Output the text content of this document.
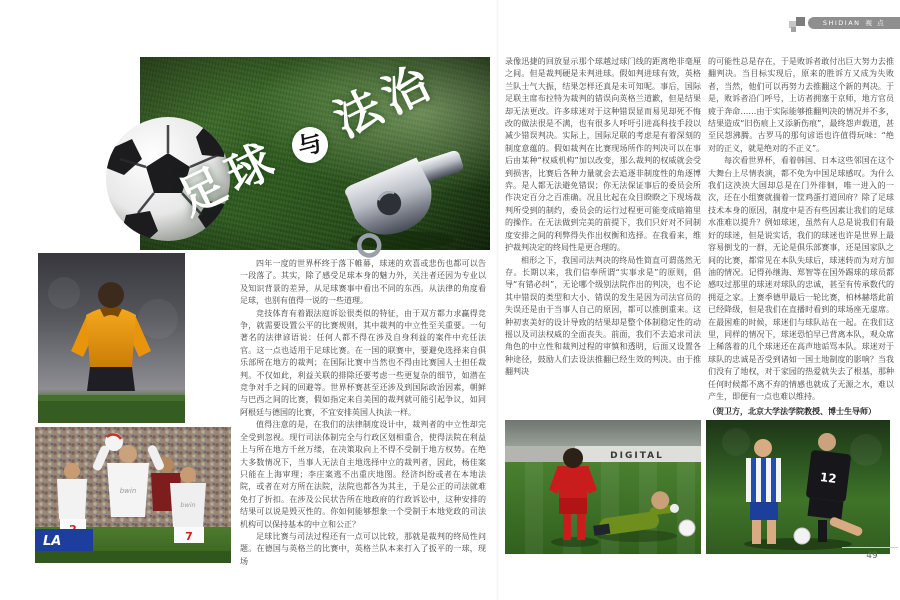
SHIDIAN 视 点
足球 与 法治
bwin
bwin
7
LA

四年一度的世界杯终于落下帷幕，球迷的欢喜或悲伤也都可以告一段落了。其实，除了感受足球本身的魅力外，关注者还因为专业以及知识背景的差异，从足球赛事中看出不同的东西。从法律的角度看足球，也别有值得一说的一些道理。

竞技体育有着跟法庭诉讼很类似的特征，由于双方都力求赢得竞争，就需要设置公平的比赛规则，其中裁判的中立性至关重要。一句著名的法律谚语说：任何人都不得在涉及自身利益的案件中充任法官。这一点也适用于足球比赛。在一国的联赛中，要避免选择来自俱乐部所在地方的裁判；在国际比赛中当然也不得由比赛国人士担任裁判。不仅如此，利益关联的排除还要考虑一些更复杂的细节，如潜在竞争对手之间的回避等。世界杯赛甚至还涉及到国际政治因素，朝鲜与巴西之间的比赛，假如指定来自美国的裁判就可能引起争议，如同阿根廷与德国的比赛，不宜安排英国人执法一样。

值得注意的是，在我们的法律制度设计中，裁判者的中立性却完全受到忽视。现行司法体制完全与行政区划相重合，使得法院在利益上与所在地方千丝万缕，在决策取向上不得不受制于地方权势。在绝大多数情况下，当事人无法自主地选择中立的裁判者，因此，杨佳案只能在上海审理；李庄案逃不出重庆地图。经济纠纷或者在本地法院，或者在对方所在法院，法院也都各为其主，于是公正的司法就难免打了折扣。在涉及公民状告所在地政府的行政诉讼中，这种安排的结果可以说是毁灭性的。你如何能够想象一个受制于本地党政的司法机构可以保持基本的中立和公正？

足球比赛与司法过程还有一点可以比较，那就是裁判的终局性问题。在德国与英格兰的比赛中，英格兰队本来打入了扳平的一球，现场

录像迅捷的回放显示那个球越过球门线的距离绝非毫厘之间。但是裁判硬是未判进球。假如判进球有效，英格兰队士气大振，结果怎样还真是未可知呢。事后，国际足联主席布拉特为裁判的错误向英格兰道歉，但是结果却无法更改。许多球迷对于这种错误显而易见却死不悔改的做法很是不满，也有很多人呼吁引进高科技手段以减少错误判决。实际上，国际足联的考虑是有着深刻的制度意蕴的。假如裁判在比赛现场所作的判决可以在事后由某种“权威机构”加以改变，那么裁判的权威就会受到损害，比赛后各种力量就会去追逐非制度性的角逐博弈。是人都无法避免错误；你无法保证事后的委员会所作决定百分之百准确。况且比起在众目睽睽之下现场裁判所受到的制约，委员会的运行过程更可能变成暗箱里的操作。在无法做到完美的前提下，我们只好对不同制度安排之间的利弊得失作出权衡和选择。在我看来，维护裁判决定的终局性是更合理的。

相形之下，我国司法判决的终局性简直可谓荡然无存。长期以来，我们信奉所谓“实事求是”的原则，倡导“有错必纠”，无论哪个级别法院作出的判决，也不论其中错误的类型和大小、错误的发生是因为司法官员的失误还是由于当事人自己的原因，都可以推倒重来。这种初衷美好的设计导致的结果却是整个体制稳定性的动摇以及司法权威的全面丧失。前面，我们不去追求司法角色的中立性和裁判过程的审慎和透明，后面又设置各种途径，鼓励人们去设法推翻已经生效的判决。由于推翻判决

的可能性总是存在，于是败诉者敢付出巨大努力去推翻判决。当目标实现后，原来的胜诉方又成为失败者，当然，他们可以再努力去推翻这个新的判决。于是，败诉者沿门呼号，上访者拥塞于京师，地方官员疲于奔命……由于实际能够推翻判决的情况并不多，结果造成“旧伤痕上又添新伤痕”，最终怨声载道，甚至民怨沸腾。古罗马的那句谚语也许值得玩味：“绝对的正义，就是绝对的不正义”。

每次看世界杯，看着韩国、日本这些邻国在这个大舞台上尽情表演，都不免为中国足球感叹。为什么我们这泱泱大国却总是在门外徘徊，唯一进入的一次，还在小组赛就揣着一筐鸡蛋打道回府？除了足球技术本身的原因，制度中是否有些因素让我们的足球水准难以提升？例如球迷，虽然有人总是说我们有最好的球迷，但是说实话，我们的球迷也许是世界上最容易倒戈的一群，无论是俱乐部赛事，还是国家队之间的比赛，都常见在本队失球后，球迷转而为对方加油的情况。记得孙继海、郑智等在国外踢球的球员都感叹过那里的球迷对球队的忠诚，甚至有传承数代的拥趸之家。上赛季德甲最后一轮比赛，柏林赫塔此前已经降级，但是我们在直播时看到的球场座无虚席。在最困难的时候，球迷们与球队站在一起。在我们这里，同样的情况下，球迷恐怕早已背离本队，观众席上稀落着的几个球迷还在高声地诟骂本队。球迷对于球队的忠诚是否受到诸如一国土地制度的影响？当我们没有了地权，对于家园的热爱就失去了根基，那种任何时候都不离不弃的情感也就成了无源之水，难以产生，即便有一点也难以维持。

（贺卫方，北京大学法学院教授、博士生导师）

DIGITAL
12
49
